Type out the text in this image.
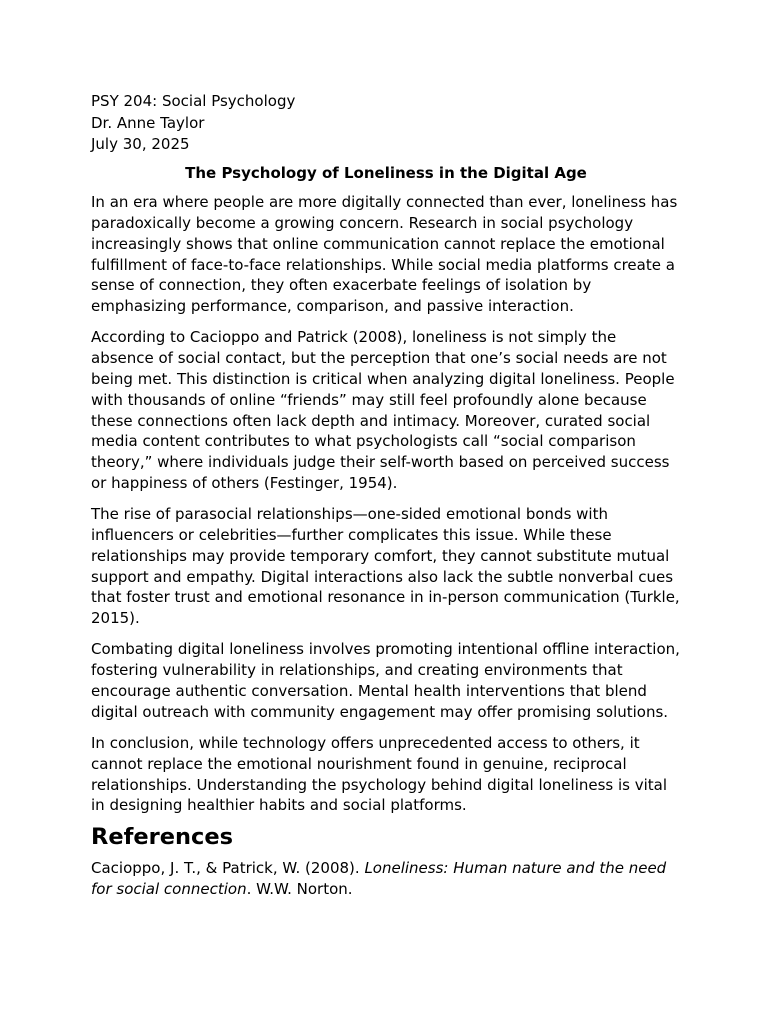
PSY 204: Social Psychology

Dr. Anne Taylor

July 30, 2025

The Psychology of Loneliness in the Digital Age

In an era where people are more digitally connected than ever, loneliness has paradoxically become a growing concern. Research in social psychology increasingly shows that online communication cannot replace the emotional fulfillment of face-to-face relationships. While social media platforms create a sense of connection, they often exacerbate feelings of isolation by emphasizing performance, comparison, and passive interaction.

According to Cacioppo and Patrick (2008), loneliness is not simply the absence of social contact, but the perception that one’s social needs are not being met. This distinction is critical when analyzing digital loneliness. People with thousands of online “friends” may still feel profoundly alone because these connections often lack depth and intimacy. Moreover, curated social media content contributes to what psychologists call “social comparison theory,” where individuals judge their self-worth based on perceived success or happiness of others (Festinger, 1954).

The rise of parasocial relationships—one-sided emotional bonds with influencers or celebrities—further complicates this issue. While these relationships may provide temporary comfort, they cannot substitute mutual support and empathy. Digital interactions also lack the subtle nonverbal cues that foster trust and emotional resonance in in-person communication (Turkle, 2015).

Combating digital loneliness involves promoting intentional offline interaction, fostering vulnerability in relationships, and creating environments that encourage authentic conversation. Mental health interventions that blend digital outreach with community engagement may offer promising solutions.

In conclusion, while technology offers unprecedented access to others, it cannot replace the emotional nourishment found in genuine, reciprocal relationships. Understanding the psychology behind digital loneliness is vital in designing healthier habits and social platforms.

References

Cacioppo, J. T., & Patrick, W. (2008). Loneliness: Human nature and the need for social connection. W.W. Norton.
